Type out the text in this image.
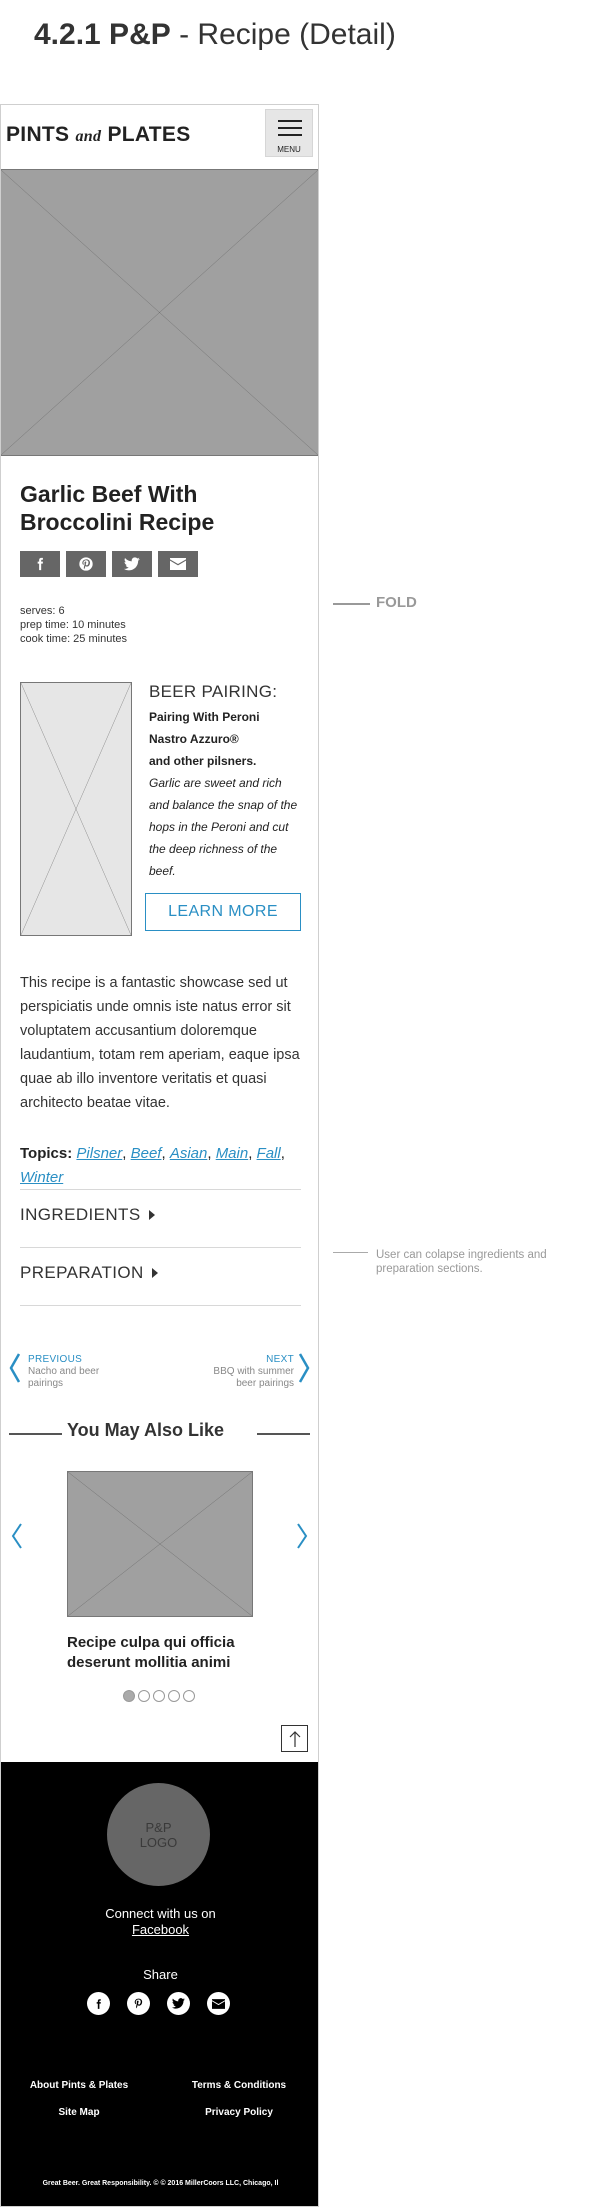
4.2.1 P&P - Recipe (Detail)
PINTS and PLATES
MENU
Garlic Beef With Broccolini Recipe
serves: 6
prep time: 10 minutes
cook time: 25 minutes
BEER PAIRING:
Pairing With Peroni
Nastro Azzuro®
and other pilsners.
Garlic are sweet and rich and balance the snap of the hops in the Peroni and cut the deep richness of the beef.
LEARN MORE

This recipe is a fantastic showcase sed ut perspiciatis unde omnis iste natus error sit voluptatem accusantium doloremque laudantium, totam rem aperiam, eaque ipsa quae ab illo inventore veritatis et quasi architecto beatae vitae.

Topics: Pilsner, Beef, Asian, Main, Fall, Winter
INGREDIENTS
PREPARATION
PREVIOUS
Nacho and beer pairings
NEXT
BBQ with summer beer pairings
You May Also Like
Recipe culpa qui officia deserunt mollitia animi
P&P LOGO
Connect with us on
Facebook
Share
About Pints & Plates	Terms & Conditions
Site Map	Privacy Policy
Great Beer. Great Responsibility. © © 2016 MillerCoors LLC, Chicago, Il
FOLD
User can colapse ingredients and preparation sections.
